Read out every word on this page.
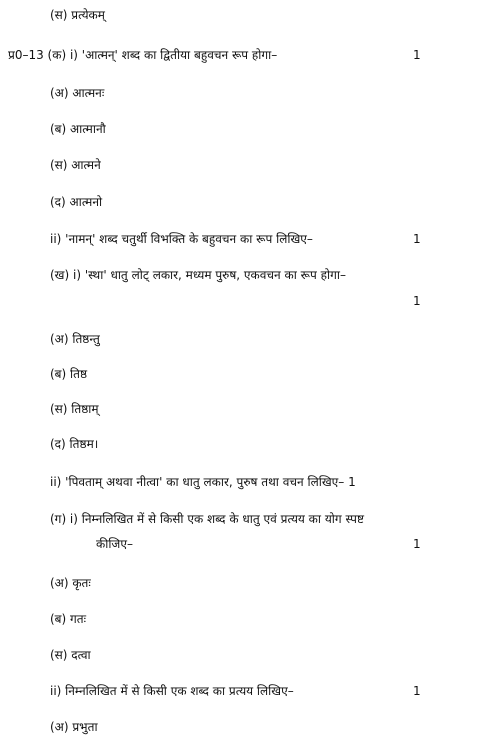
(स) प्रत्येकम्
प्र0–13 (क) i) 'आत्मन्' शब्द का द्वितीया बहुवचन रूप होगा–	1
(अ) आत्मनः
(ब) आत्मानौ
(स) आत्मने
(द) आत्मनो
ii) 'नामन्' शब्द चतुर्थी विभक्ति के बहुवचन का रूप लिखिए–	1
(ख) i) 'स्था' धातु लोट् लकार, मध्यम पुरुष, एकवचन का रूप होगा–
1
(अ) तिष्ठन्तु
(ब) तिष्ठ
(स) तिष्ठाम्
(द) तिष्ठम।
ii) 'पिवताम् अथवा नीत्वा' का धातु लकार, पुरुष तथा वचन लिखिए– 1
(ग) i) निम्नलिखित में से किसी एक शब्द के धातु एवं प्रत्यय का योग स्पष्ट
कीजिए–	1
(अ) कृतः
(ब) गतः
(स) दत्वा
ii) निम्नलिखित में से किसी एक शब्द का प्रत्यय लिखिए–	1
(अ) प्रभुता
